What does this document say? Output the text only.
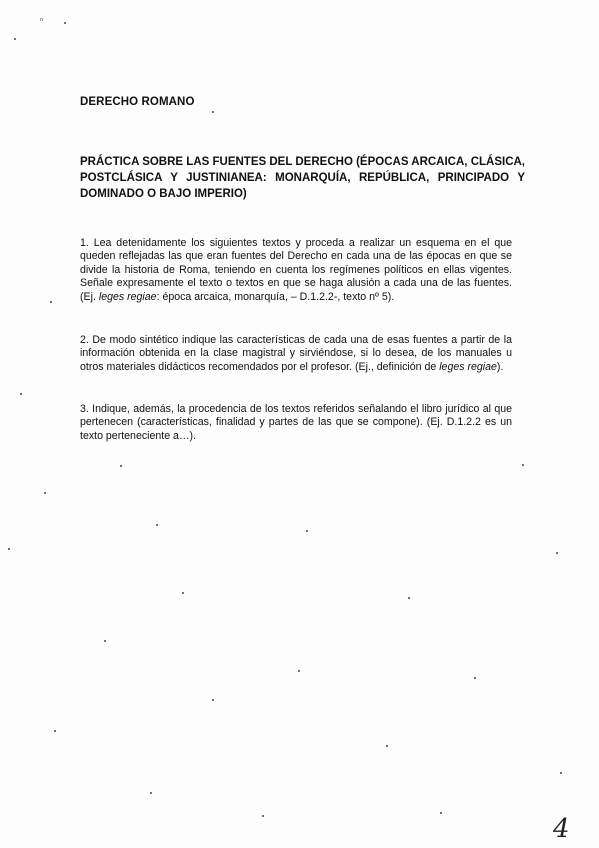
ⁿ
DERECHO ROMANO
PRÁCTICA SOBRE LAS FUENTES DEL DERECHO (ÉPOCAS ARCAICA, CLÁSICA, POSTCLÁSICA Y JUSTINIANEA: MONARQUÍA, REPÚBLICA, PRINCIPADO Y DOMINADO O BAJO IMPERIO)
1. Lea detenidamente los siguientes textos y proceda a realizar un esquema en el que queden reflejadas las que eran fuentes del Derecho en cada una de las épocas en que se divide la historia de Roma, teniendo en cuenta los regímenes políticos en ellas vigentes. Señale expresamente el texto o textos en que se haga alusión a cada una de las fuentes. (Ej. leges regiae: época arcaica, monarquía, – D.1.2.2-, texto nº 5).
2. De modo sintético indique las características de cada una de esas fuentes a partir de la información obtenida en la clase magistral y sirviéndose, si lo desea, de los manuales u otros materiales didácticos recomendados por el profesor. (Ej., definición de leges regiae).
3. Indique, además, la procedencia de los textos referidos señalando el libro jurídico al que pertenecen (características, finalidad y partes de las que se compone). (Ej. D.1.2.2 es un texto perteneciente a…).
4
